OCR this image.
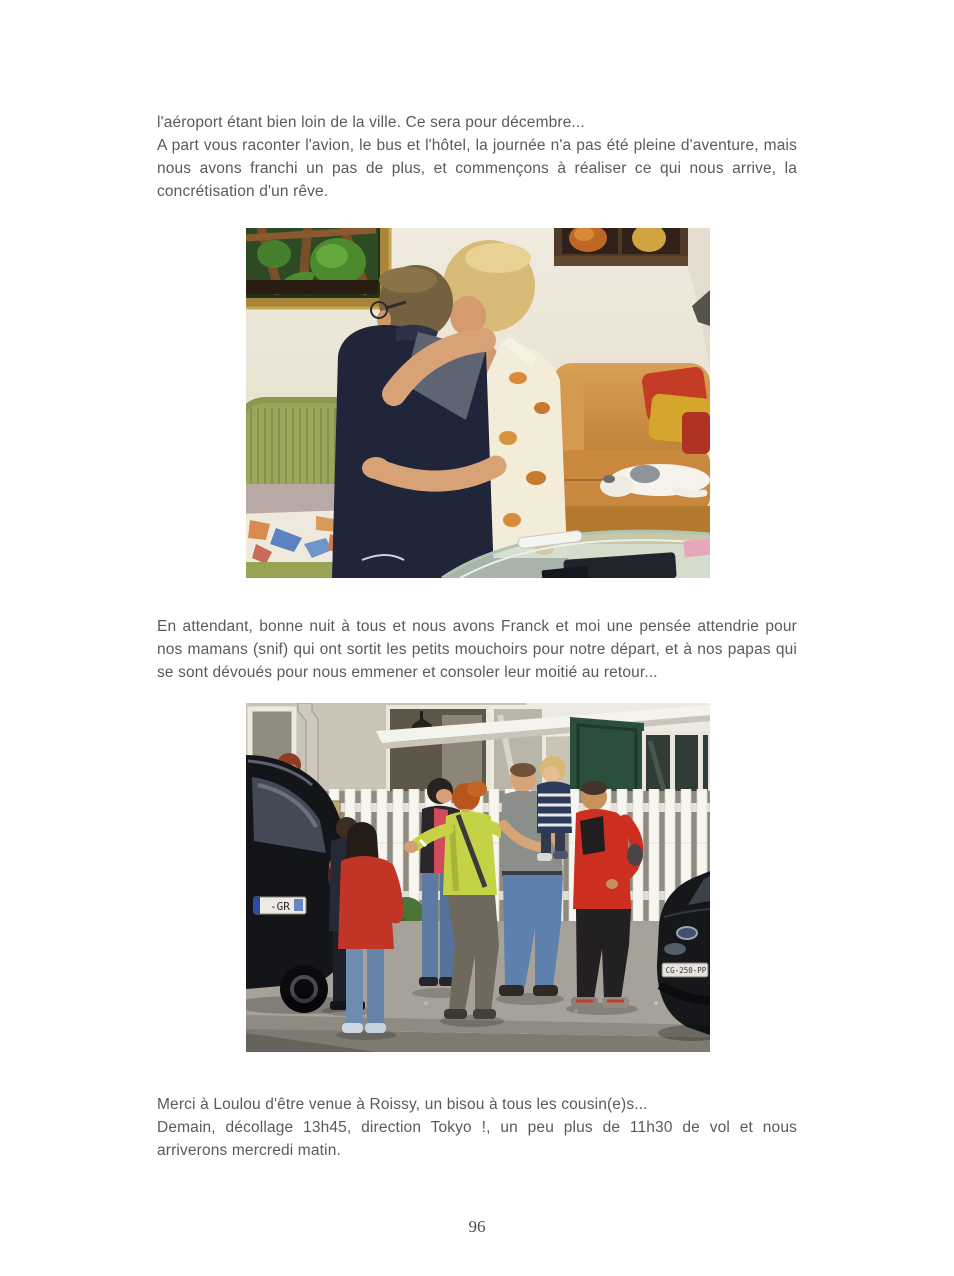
l'aéroport étant bien loin de la ville. Ce sera pour décembre...
A part vous raconter l'avion, le bus et l'hôtel, la journée n'a pas été pleine d'aventure, mais nous avons franchi un pas de plus, et commençons à réaliser ce qui nous arrive, la concrétisation d'un rêve.
En attendant, bonne nuit à tous et nous avons Franck et moi une pensée attendrie pour nos mamans (snif) qui ont sortit les petits mouchoirs pour notre départ, et à nos papas qui se sont dévoués pour nous emmener et consoler leur moitié au retour...
-GR
CG-250-PP
Merci à Loulou d'être venue à Roissy, un bisou à tous les cousin(e)s...
Demain, décollage 13h45, direction Tokyo !, un peu plus de 11h30 de vol et nous arriverons mercredi matin.
96
